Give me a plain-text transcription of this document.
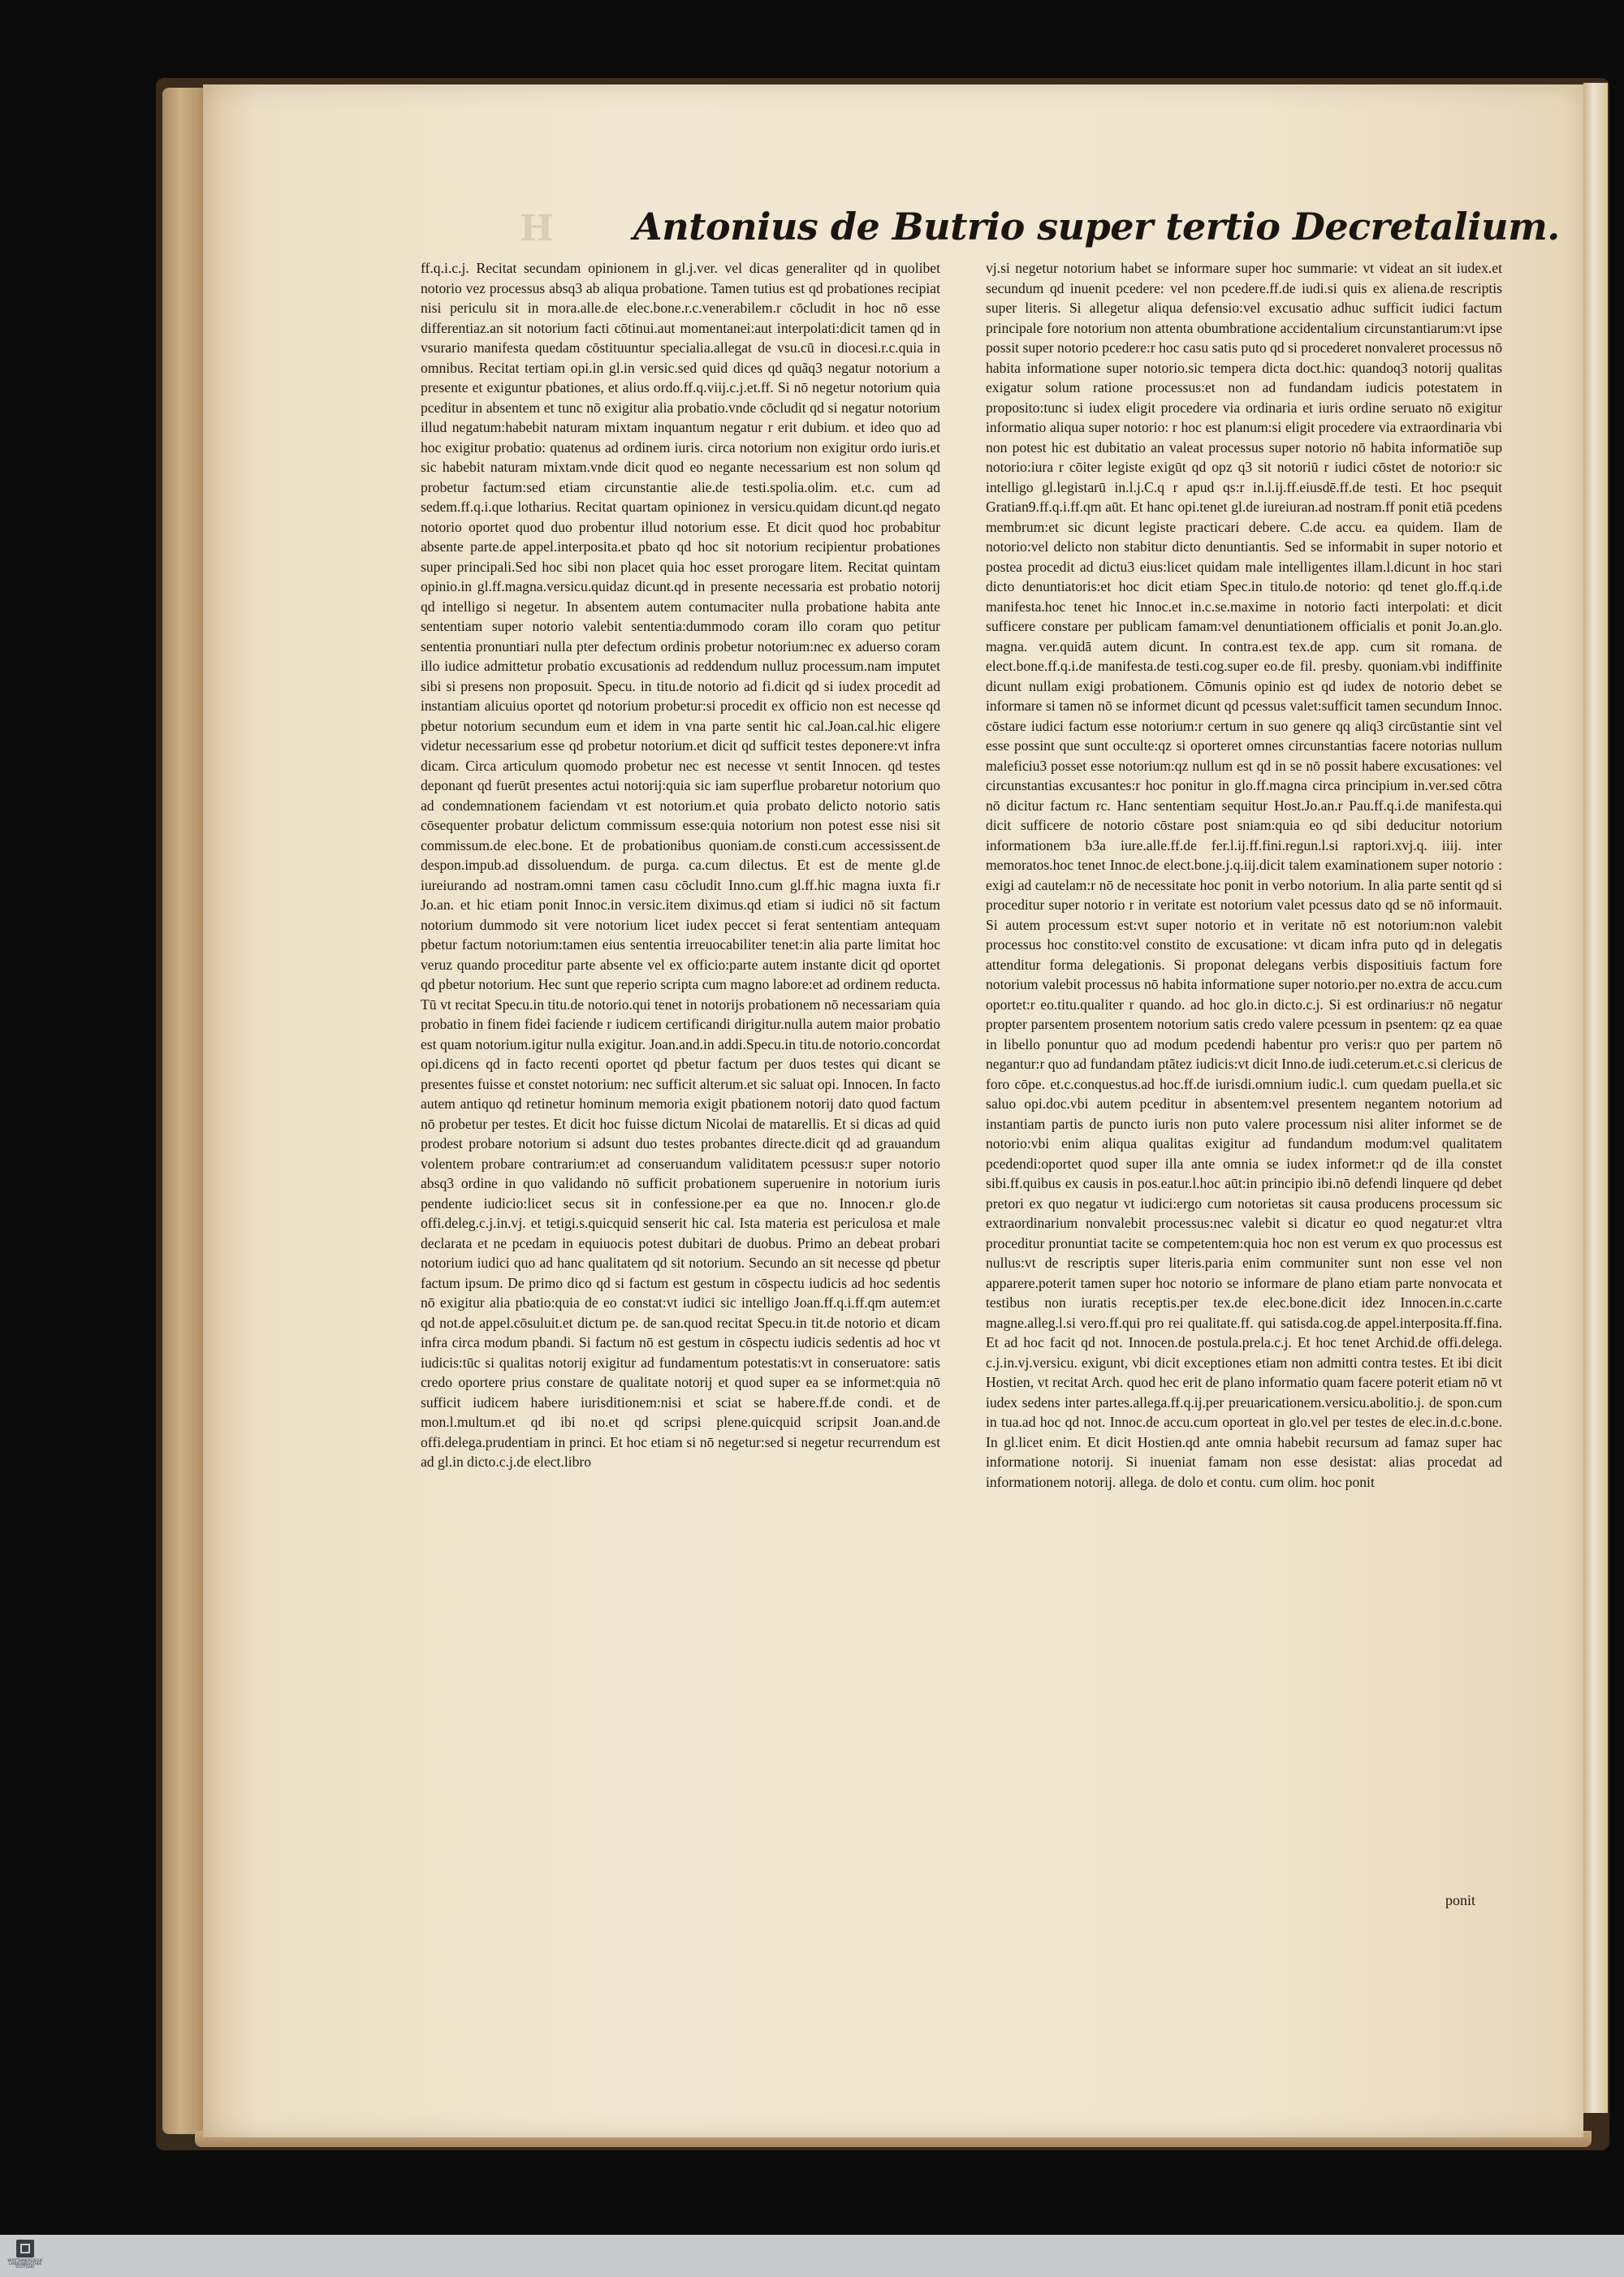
H	Antonius de Butrio super tertio Decretalium.
ff.q.i.c.j. Recitat secundam opinionem in gl.j.ver. vel dicas generaliter qd in quolibet notorio vez processus absq3 ab aliqua probatione. Tamen tutius est qd probationes recipiat nisi periculu sit in mora.alle.de elec.bone.r.c.venerabilem.r cōcludit in hoc nō esse differentiaz.an sit notorium facti cōtinui.aut momentanei:aut interpolati:dicit tamen qd in vsurario manifesta quedam cōstituuntur specialia.allegat de vsu.cū in diocesi.r.c.quia in omnibus. Recitat tertiam opi.in gl.in versic.sed quid dices qd quãq3 negatur notorium a presente et exiguntur pbationes, et alius ordo.ff.q.viij.c.j.et.ff. Si nō negetur notorium quia pceditur in absentem et tunc nō exigitur alia probatio.vnde cōcludit qd si negatur notorium illud negatum:habebit naturam mixtam inquantum negatur r erit dubium. et ideo quo ad hoc exigitur probatio: quatenus ad ordinem iuris. circa notorium non exigitur ordo iuris.et sic habebit naturam mixtam.vnde dicit quod eo negante necessarium est non solum qd probetur factum:sed etiam circunstantie alie.de testi.spolia.olim. et.c. cum ad sedem.ff.q.i.que lotharius. Recitat quartam opinionez in versicu.quidam dicunt.qd negato notorio oportet quod duo probentur illud notorium esse. Et dicit quod hoc probabitur absente parte.de appel.interposita.et pbato qd hoc sit notorium recipientur probationes super principali.Sed hoc sibi non placet quia hoc esset prorogare litem. Recitat quintam opinio.in gl.ff.magna.versicu.quidaz dicunt.qd in presente necessaria est probatio notorij qd intelligo si negetur. In absentem autem contumaciter nulla probatione habita ante sententiam super notorio valebit sententia:dummodo coram illo coram quo petitur sententia pronuntiari nulla pter defectum ordinis probetur notorium:nec ex aduerso coram illo iudice admittetur probatio excusationis ad reddendum nulluz processum.nam imputet sibi si presens non proposuit. Specu. in titu.de notorio ad fi.dicit qd si iudex procedit ad instantiam alicuius oportet qd notorium probetur:si procedit ex officio non est necesse qd pbetur notorium secundum eum et idem in vna parte sentit hic cal.Joan.cal.hic eligere videtur necessarium esse qd probetur notorium.et dicit qd sufficit testes deponere:vt infra dicam. Circa articulum quomodo probetur nec est necesse vt sentit Innocen. qd testes deponant qd fuerūt presentes actui notorij:quia sic iam superflue probaretur notorium quo ad condemnationem faciendam vt est notorium.et quia probato delicto notorio satis cōsequenter probatur delictum commissum esse:quia notorium non potest esse nisi sit commissum.de elec.bone. Et de probationibus quoniam.de consti.cum accessissent.de despon.impub.ad dissoluendum. de purga. ca.cum dilectus. Et est de mente gl.de iureiurando ad nostram.omni tamen casu cōcludit Inno.cum gl.ff.hic magna iuxta fi.r Jo.an. et hic etiam ponit Innoc.in versic.item diximus.qd etiam si iudici nō sit factum notorium dummodo sit vere notorium licet iudex peccet si ferat sententiam antequam pbetur factum notorium:tamen eius sententia irreuocabiliter tenet:in alia parte limitat hoc veruz quando proceditur parte absente vel ex officio:parte autem instante dicit qd oportet qd pbetur notorium. Hec sunt que reperio scripta cum magno labore:et ad ordinem reducta. Tū vt recitat Specu.in titu.de notorio.qui tenet in notorijs probationem nō necessariam quia probatio in finem fidei faciende r iudicem certificandi dirigitur.nulla autem maior probatio est quam notorium.igitur nulla exigitur. Joan.and.in addi.Specu.in titu.de notorio.concordat opi.dicens qd in facto recenti oportet qd pbetur factum per duos testes qui dicant se presentes fuisse et constet notorium: nec sufficit alterum.et sic saluat opi. Innocen. In facto autem antiquo qd retinetur hominum memoria exigit pbationem notorij dato quod factum nō probetur per testes. Et dicit hoc fuisse dictum Nicolai de matarellis. Et si dicas ad quid prodest probare notorium si adsunt duo testes probantes directe.dicit qd ad grauandum volentem probare contrarium:et ad conseruandum validitatem pcessus:r super notorio absq3 ordine in quo validando nō sufficit probationem superuenire in notorium iuris pendente iudicio:licet secus sit in confessione.per ea que no. Innocen.r glo.de offi.deleg.c.j.in.vj. et tetigi.s.quicquid senserit hic cal. Ista materia est periculosa et male declarata et ne pcedam in equiuocis potest dubitari de duobus. Primo an debeat probari notorium iudici quo ad hanc qualitatem qd sit notorium. Secundo an sit necesse qd pbetur factum ipsum. De primo dico qd si factum est gestum in cōspectu iudicis ad hoc sedentis nō exigitur alia pbatio:quia de eo constat:vt iudici sic intelligo Joan.ff.q.i.ff.qm autem:et qd not.de appel.cōsuluit.et dictum pe. de san.quod recitat Specu.in tit.de notorio et dicam infra circa modum pbandi. Si factum nō est gestum in cōspectu iudicis sedentis ad hoc vt iudicis:tūc si qualitas notorij exigitur ad fundamentum potestatis:vt in conseruatore: satis credo oportere prius constare de qualitate notorij et quod super ea se informet:quia nō sufficit iudicem habere iurisditionem:nisi et sciat se habere.ff.de condi. et de mon.l.multum.et qd ibi no.et qd scripsi plene.quicquid scripsit Joan.and.de offi.delega.prudentiam in princi. Et hoc etiam si nō negetur:sed si negetur recurrendum est ad gl.in dicto.c.j.de elect.libro
vj.si negetur notorium habet se informare super hoc summarie: vt videat an sit iudex.et secundum qd inuenit pcedere: vel non pcedere.ff.de iudi.si quis ex aliena.de rescriptis super literis. Si allegetur aliqua defensio:vel excusatio adhuc sufficit iudici factum principale fore notorium non attenta obumbratione accidentalium circunstantiarum:vt ipse possit super notorio pcedere:r hoc casu satis puto qd si procederet nonvaleret processus nō habita informatione super notorio.sic tempera dicta doct.hic: quandoq3 notorij qualitas exigatur solum ratione processus:et non ad fundandam iudicis potestatem in proposito:tunc si iudex eligit procedere via ordinaria et iuris ordine seruato nō exigitur informatio aliqua super notorio: r hoc est planum:si eligit procedere via extraordinaria vbi non potest hic est dubitatio an valeat processus super notorio nō habita informatiõe sup notorio:iura r cōiter legiste exigūt qd opz q3 sit notoriū r iudici cōstet de notorio:r sic intelligo gl.legistarū in.l.j.C.q r apud qs:r in.l.ij.ff.eiusdē.ff.de testi. Et hoc psequit Gratian9.ff.q.i.ff.qm aūt. Et hanc opi.tenet gl.de iureiuran.ad nostram.ff ponit etiā pcedens membrum:et sic dicunt legiste practicari debere. C.de accu. ea quidem. Ilam de notorio:vel delicto non stabitur dicto denuntiantis. Sed se informabit in super notorio et postea procedit ad dictu3 eius:licet quidam male intelligentes illam.l.dicunt in hoc stari dicto denuntiatoris:et hoc dicit etiam Spec.in titulo.de notorio: qd tenet glo.ff.q.i.de manifesta.hoc tenet hic Innoc.et in.c.se.maxime in notorio facti interpolati: et dicit sufficere constare per publicam famam:vel denuntiationem officialis et ponit Jo.an.glo. magna. ver.quidā autem dicunt. In contra.est tex.de app. cum sit romana. de elect.bone.ff.q.i.de manifesta.de testi.cog.super eo.de fil. presby. quoniam.vbi indiffinite dicunt nullam exigi probationem. Cōmunis opinio est qd iudex de notorio debet se informare si tamen nō se informet dicunt qd pcessus valet:sufficit tamen secundum Innoc. cōstare iudici factum esse notorium:r certum in suo genere qq aliq3 circūstantie sint vel esse possint que sunt occulte:qz si oporteret omnes circunstantias facere notorias nullum maleficiu3 posset esse notorium:qz nullum est qd in se nō possit habere excusationes: vel circunstantias excusantes:r hoc ponitur in glo.ff.magna circa principium in.ver.sed cōtra nō dicitur factum rc. Hanc sententiam sequitur Host.Jo.an.r Pau.ff.q.i.de manifesta.qui dicit sufficere de notorio cōstare post sniam:quia eo qd sibi deducitur notorium informationem b3a iure.alle.ff.de fer.l.ij.ff.fini.regun.l.si raptori.xvj.q. iiij. inter memoratos.hoc tenet Innoc.de elect.bone.j.q.iij.dicit talem examinationem super notorio : exigi ad cautelam:r nō de necessitate hoc ponit in verbo notorium. In alia parte sentit qd si proceditur super notorio r in veritate est notorium valet pcessus dato qd se nō informauit. Si autem processum est:vt super notorio et in veritate nō est notorium:non valebit processus hoc constito:vel constito de excusatione: vt dicam infra puto qd in delegatis attenditur forma delegationis. Si proponat delegans verbis dispositiuis factum fore notorium valebit processus nō habita informatione super notorio.per no.extra de accu.cum oportet:r eo.titu.qualiter r quando. ad hoc glo.in dicto.c.j. Si est ordinarius:r nō negatur propter parsentem prosentem notorium satis credo valere pcessum in psentem: qz ea quae in libello ponuntur quo ad modum pcedendi habentur pro veris:r quo per partem nō negantur:r quo ad fundandam ptãtez iudicis:vt dicit Inno.de iudi.ceterum.et.c.si clericus de foro cōpe. et.c.conquestus.ad hoc.ff.de iurisdi.omnium iudic.l. cum quedam puella.et sic saluo opi.doc.vbi autem pceditur in absentem:vel presentem negantem notorium ad instantiam partis de puncto iuris non puto valere processum nisi aliter informet se de notorio:vbi enim aliqua qualitas exigitur ad fundandum modum:vel qualitatem pcedendi:oportet quod super illa ante omnia se iudex informet:r qd de illa constet sibi.ff.quibus ex causis in pos.eatur.l.hoc aūt:in principio ibi.nō defendi linquere qd debet pretori ex quo negatur vt iudici:ergo cum notorietas sit causa producens processum sic extraordinarium nonvalebit processus:nec valebit si dicatur eo quod negatur:et vltra proceditur pronuntiat tacite se competentem:quia hoc non est verum ex quo processus est nullus:vt de rescriptis super literis.paria enim communiter sunt non esse vel non apparere.poterit tamen super hoc notorio se informare de plano etiam parte nonvocata et testibus non iuratis receptis.per tex.de elec.bone.dicit idez Innocen.in.c.carte magne.alleg.l.si vero.ff.qui pro rei qualitate.ff. qui satisda.cog.de appel.interposita.ff.fina. Et ad hoc facit qd not. Innocen.de postula.prela.c.j. Et hoc tenet Archid.de offi.delega. c.j.in.vj.versicu. exigunt, vbi dicit exceptiones etiam non admitti contra testes. Et ibi dicit Hostien, vt recitat Arch. quod hec erit de plano informatio quam facere poterit etiam nō vt iudex sedens inter partes.allega.ff.q.ij.per preuaricationem.versicu.abolitio.j. de spon.cum in tua.ad hoc qd not. Innoc.de accu.cum oporteat in glo.vel per testes de elec.in.d.c.bone. In gl.licet enim. Et dicit Hostien.qd ante omnia habebit recursum ad famaz super hac informatione notorij. Si inueniat famam non esse desistat: alias procedat ad informationem notorij. allega. de dolo et contu. cum olim. hoc ponit
ponit
WÜRTTEMBERGISCHE LANDESBIBLIOTHEK STUTTGART
